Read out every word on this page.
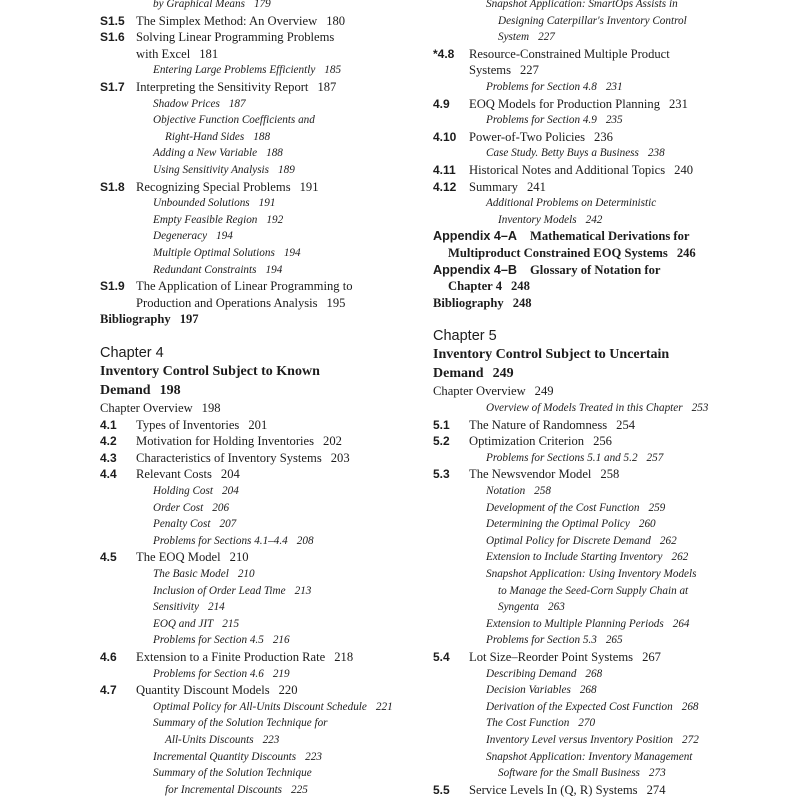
by Graphical Means 179
S1.5 The Simplex Method: An Overview 180
S1.6 Solving Linear Programming Problems
with Excel 181
Entering Large Problems Efficiently 185
S1.7 Interpreting the Sensitivity Report 187
Shadow Prices 187
Objective Function Coefficients and
Right-Hand Sides 188
Adding a New Variable 188
Using Sensitivity Analysis 189
S1.8 Recognizing Special Problems 191
Unbounded Solutions 191
Empty Feasible Region 192
Degeneracy 194
Multiple Optimal Solutions 194
Redundant Constraints 194
S1.9 The Application of Linear Programming to
Production and Operations Analysis 195
Bibliography 197
Chapter 4
Inventory Control Subject to Known
Demand 198
Chapter Overview 198
4.1 Types of Inventories 201
4.2 Motivation for Holding Inventories 202
4.3 Characteristics of Inventory Systems 203
4.4 Relevant Costs 204
Holding Cost 204
Order Cost 206
Penalty Cost 207
Problems for Sections 4.1–4.4 208
4.5 The EOQ Model 210
The Basic Model 210
Inclusion of Order Lead Time 213
Sensitivity 214
EOQ and JIT 215
Problems for Section 4.5 216
4.6 Extension to a Finite Production Rate 218
Problems for Section 4.6 219
4.7 Quantity Discount Models 220
Optimal Policy for All-Units Discount Schedule 221
Summary of the Solution Technique for
All-Units Discounts 223
Incremental Quantity Discounts 223
Summary of the Solution Technique
for Incremental Discounts 225
Snapshot Application: SmartOps Assists in
Designing Caterpillar's Inventory Control
System 227
*4.8 Resource-Constrained Multiple Product
Systems 227
Problems for Section 4.8 231
4.9 EOQ Models for Production Planning 231
Problems for Section 4.9 235
4.10 Power-of-Two Policies 236
Case Study. Betty Buys a Business 238
4.11 Historical Notes and Additional Topics 240
4.12 Summary 241
Additional Problems on Deterministic
Inventory Models 242
Appendix 4–A Mathematical Derivations for
Multiproduct Constrained EOQ Systems 246
Appendix 4–B Glossary of Notation for
Chapter 4 248
Bibliography 248
Chapter 5
Inventory Control Subject to Uncertain
Demand 249
Chapter Overview 249
Overview of Models Treated in this Chapter 253
5.1 The Nature of Randomness 254
5.2 Optimization Criterion 256
Problems for Sections 5.1 and 5.2 257
5.3 The Newsvendor Model 258
Notation 258
Development of the Cost Function 259
Determining the Optimal Policy 260
Optimal Policy for Discrete Demand 262
Extension to Include Starting Inventory 262
Snapshot Application: Using Inventory Models
to Manage the Seed-Corn Supply Chain at
Syngenta 263
Extension to Multiple Planning Periods 264
Problems for Section 5.3 265
5.4 Lot Size–Reorder Point Systems 267
Describing Demand 268
Decision Variables 268
Derivation of the Expected Cost Function 268
The Cost Function 270
Inventory Level versus Inventory Position 272
Snapshot Application: Inventory Management
Software for the Small Business 273
5.5 Service Levels In (Q, R) Systems 274
